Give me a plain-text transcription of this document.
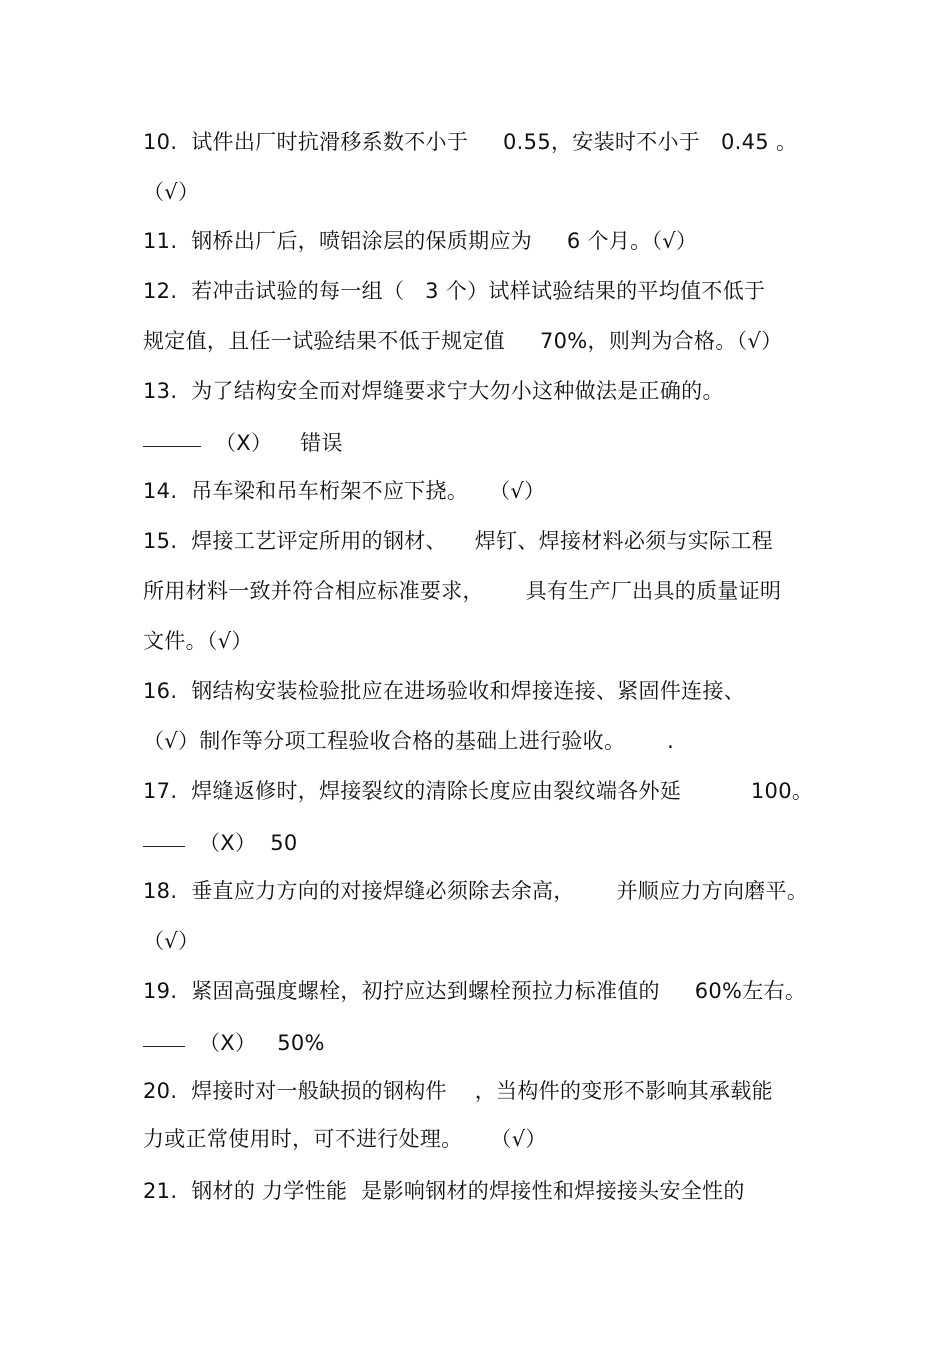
10.  试件出厂时抗滑移系数不小于     0.55，安装时不小于   0.45 。
（√）
11.  钢桥出厂后，喷铝涂层的保质期应为     6 个月。（√）
12.  若冲击试验的每一组（   3 个）试样试验结果的平均值不低于
规定值，且任一试验结果不低于规定值     70%，则判为合格。（√）
13.  为了结构安全而对焊缝要求宁大勿小这种做法是正确的。
（X）    错误
14.  吊车梁和吊车桁架不应下挠。   （√）
15.  焊接工艺评定所用的钢材、    焊钉、焊接材料必须与实际工程
所用材料一致并符合相应标准要求，      具有生产厂出具的质量证明
文件。（√）
16.  钢结构安装检验批应在进场验收和焊接连接、紧固件连接、
（√）制作等分项工程验收合格的基础上进行验收。      .
17.  焊缝返修时，焊接裂纹的清除长度应由裂纹端各外延          100。
（X）  50
18.  垂直应力方向的对接焊缝必须除去余高，      并顺应力方向磨平。
（√）
19.  紧固高强度螺栓，初拧应达到螺栓预拉力标准值的     60%左右。
（X）   50%
20.  焊接时对一般缺损的钢构件    ，当构件的变形不影响其承载能
力或正常使用时，可不进行处理。    （√）
21.  钢材的 力学性能  是影响钢材的焊接性和焊接接头安全性的
